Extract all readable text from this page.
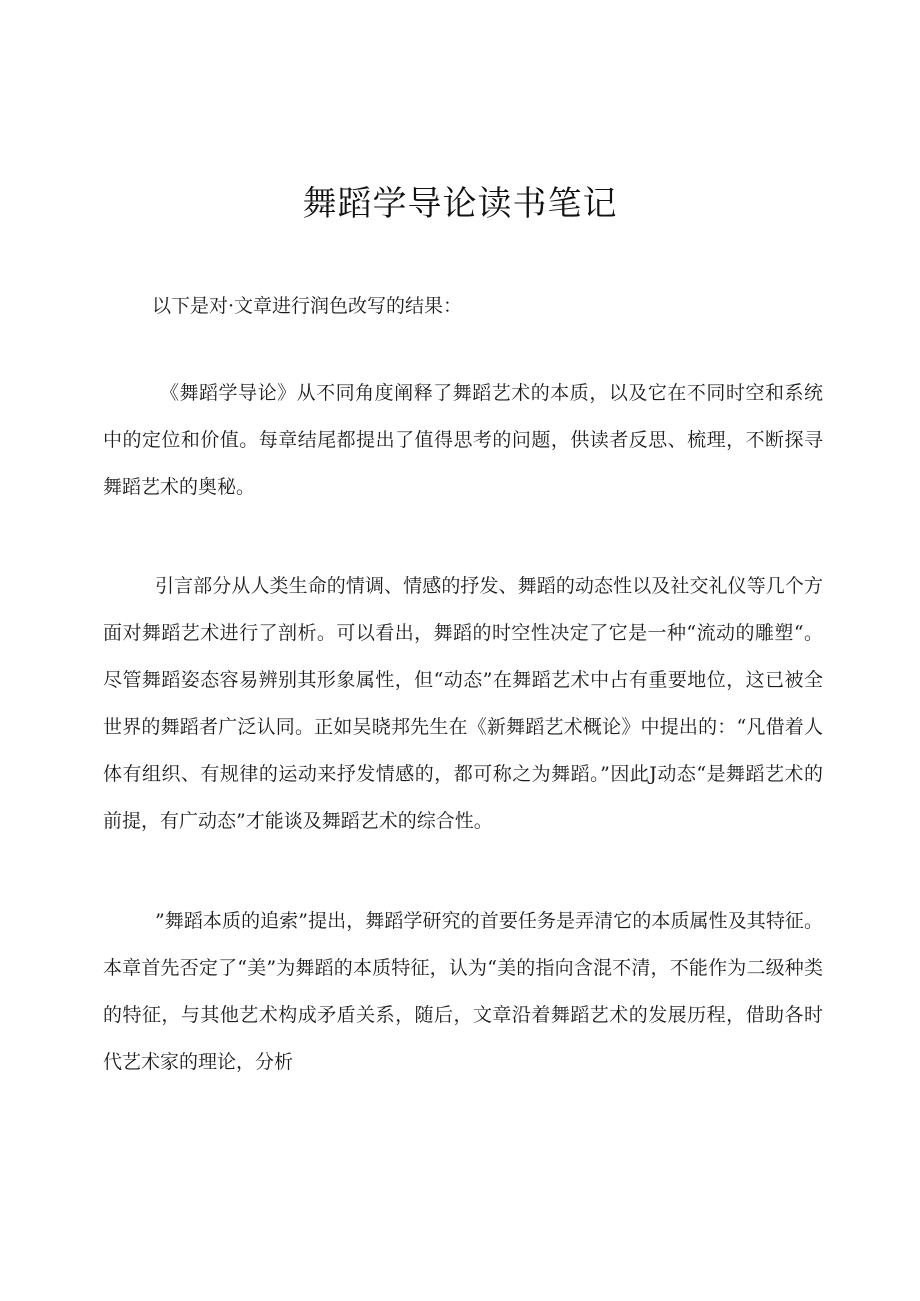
舞蹈学导论读书笔记

以下是对·文章进行润色改写的结果：

《舞蹈学导论》从不同角度阐释了舞蹈艺术的本质，以及它在不同时空和系统中的定位和价值。每章结尾都提出了值得思考的问题，供读者反思、梳理，不断探寻舞蹈艺术的奥秘。

引言部分从人类生命的情调、情感的抒发、舞蹈的动态性以及社交礼仪等几个方面对舞蹈艺术进行了剖析。可以看出，舞蹈的时空性决定了它是一种“流动的雕塑“。尽管舞蹈姿态容易辨别其形象属性，但“动态”在舞蹈艺术中占有重要地位，这已被全世界的舞蹈者广泛认同。正如吴晓邦先生在《新舞蹈艺术概论》中提出的：“凡借着人体有组织、有规律的运动来抒发情感的，都可称之为舞蹈。”因此J动态“是舞蹈艺术的前提，有广动态”才能谈及舞蹈艺术的综合性。

”舞蹈本质的追索”提出，舞蹈学研究的首要任务是弄清它的本质属性及其特征。本章首先否定了“美”为舞蹈的本质特征，认为“美的指向含混不清，不能作为二级种类的特征，与其他艺术构成矛盾关系，随后，文章沿着舞蹈艺术的发展历程，借助各时代艺术家的理论，分析
